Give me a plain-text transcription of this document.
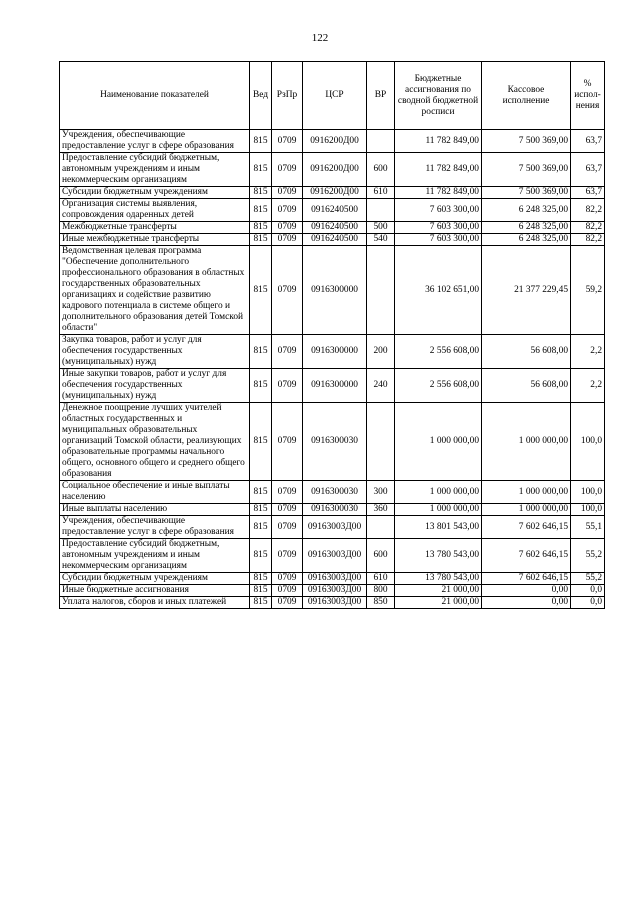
122
Наименование показателей	Вед	РзПр	ЦСР	ВР	Бюджетные ассигнования по сводной бюджетной росписи	Кассовое исполнение	% испол-нения
Учреждения, обеспечивающие предоставление услуг в сфере образования	815	0709	0916200Д00		11 782 849,00	7 500 369,00	63,7
Предоставление субсидий бюджетным, автономным учреждениям и иным некоммерческим организациям	815	0709	0916200Д00	600	11 782 849,00	7 500 369,00	63,7
Субсидии бюджетным учреждениям	815	0709	0916200Д00	610	11 782 849,00	7 500 369,00	63,7
Организация системы выявления, сопровождения одаренных детей	815	0709	0916240500		7 603 300,00	6 248 325,00	82,2
Межбюджетные трансферты	815	0709	0916240500	500	7 603 300,00	6 248 325,00	82,2
Иные межбюджетные трансферты	815	0709	0916240500	540	7 603 300,00	6 248 325,00	82,2
Ведомственная целевая программа "Обеспечение дополнительного профессионального образования в областных государственных образовательных организациях и содействие развитию кадрового потенциала в системе общего и дополнительного образования детей Томской области"	815	0709	0916300000		36 102 651,00	21 377 229,45	59,2
Закупка товаров, работ и услуг для обеспечения государственных (муниципальных) нужд	815	0709	0916300000	200	2 556 608,00	56 608,00	2,2
Иные закупки товаров, работ и услуг для обеспечения государственных (муниципальных) нужд	815	0709	0916300000	240	2 556 608,00	56 608,00	2,2
Денежное поощрение лучших учителей областных государственных и муниципальных образовательных организаций Томской области, реализующих образовательные программы начального общего, основного общего и среднего общего образования	815	0709	0916300030		1 000 000,00	1 000 000,00	100,0
Социальное обеспечение и иные выплаты населению	815	0709	0916300030	300	1 000 000,00	1 000 000,00	100,0
Иные выплаты населению	815	0709	0916300030	360	1 000 000,00	1 000 000,00	100,0
Учреждения, обеспечивающие предоставление услуг в сфере образования	815	0709	09163003Д00		13 801 543,00	7 602 646,15	55,1
Предоставление субсидий бюджетным, автономным учреждениям и иным некоммерческим организациям	815	0709	09163003Д00	600	13 780 543,00	7 602 646,15	55,2
Субсидии бюджетным учреждениям	815	0709	09163003Д00	610	13 780 543,00	7 602 646,15	55,2
Иные бюджетные ассигнования	815	0709	09163003Д00	800	21 000,00	0,00	0,0
Уплата налогов, сборов и иных платежей	815	0709	09163003Д00	850	21 000,00	0,00	0,0
